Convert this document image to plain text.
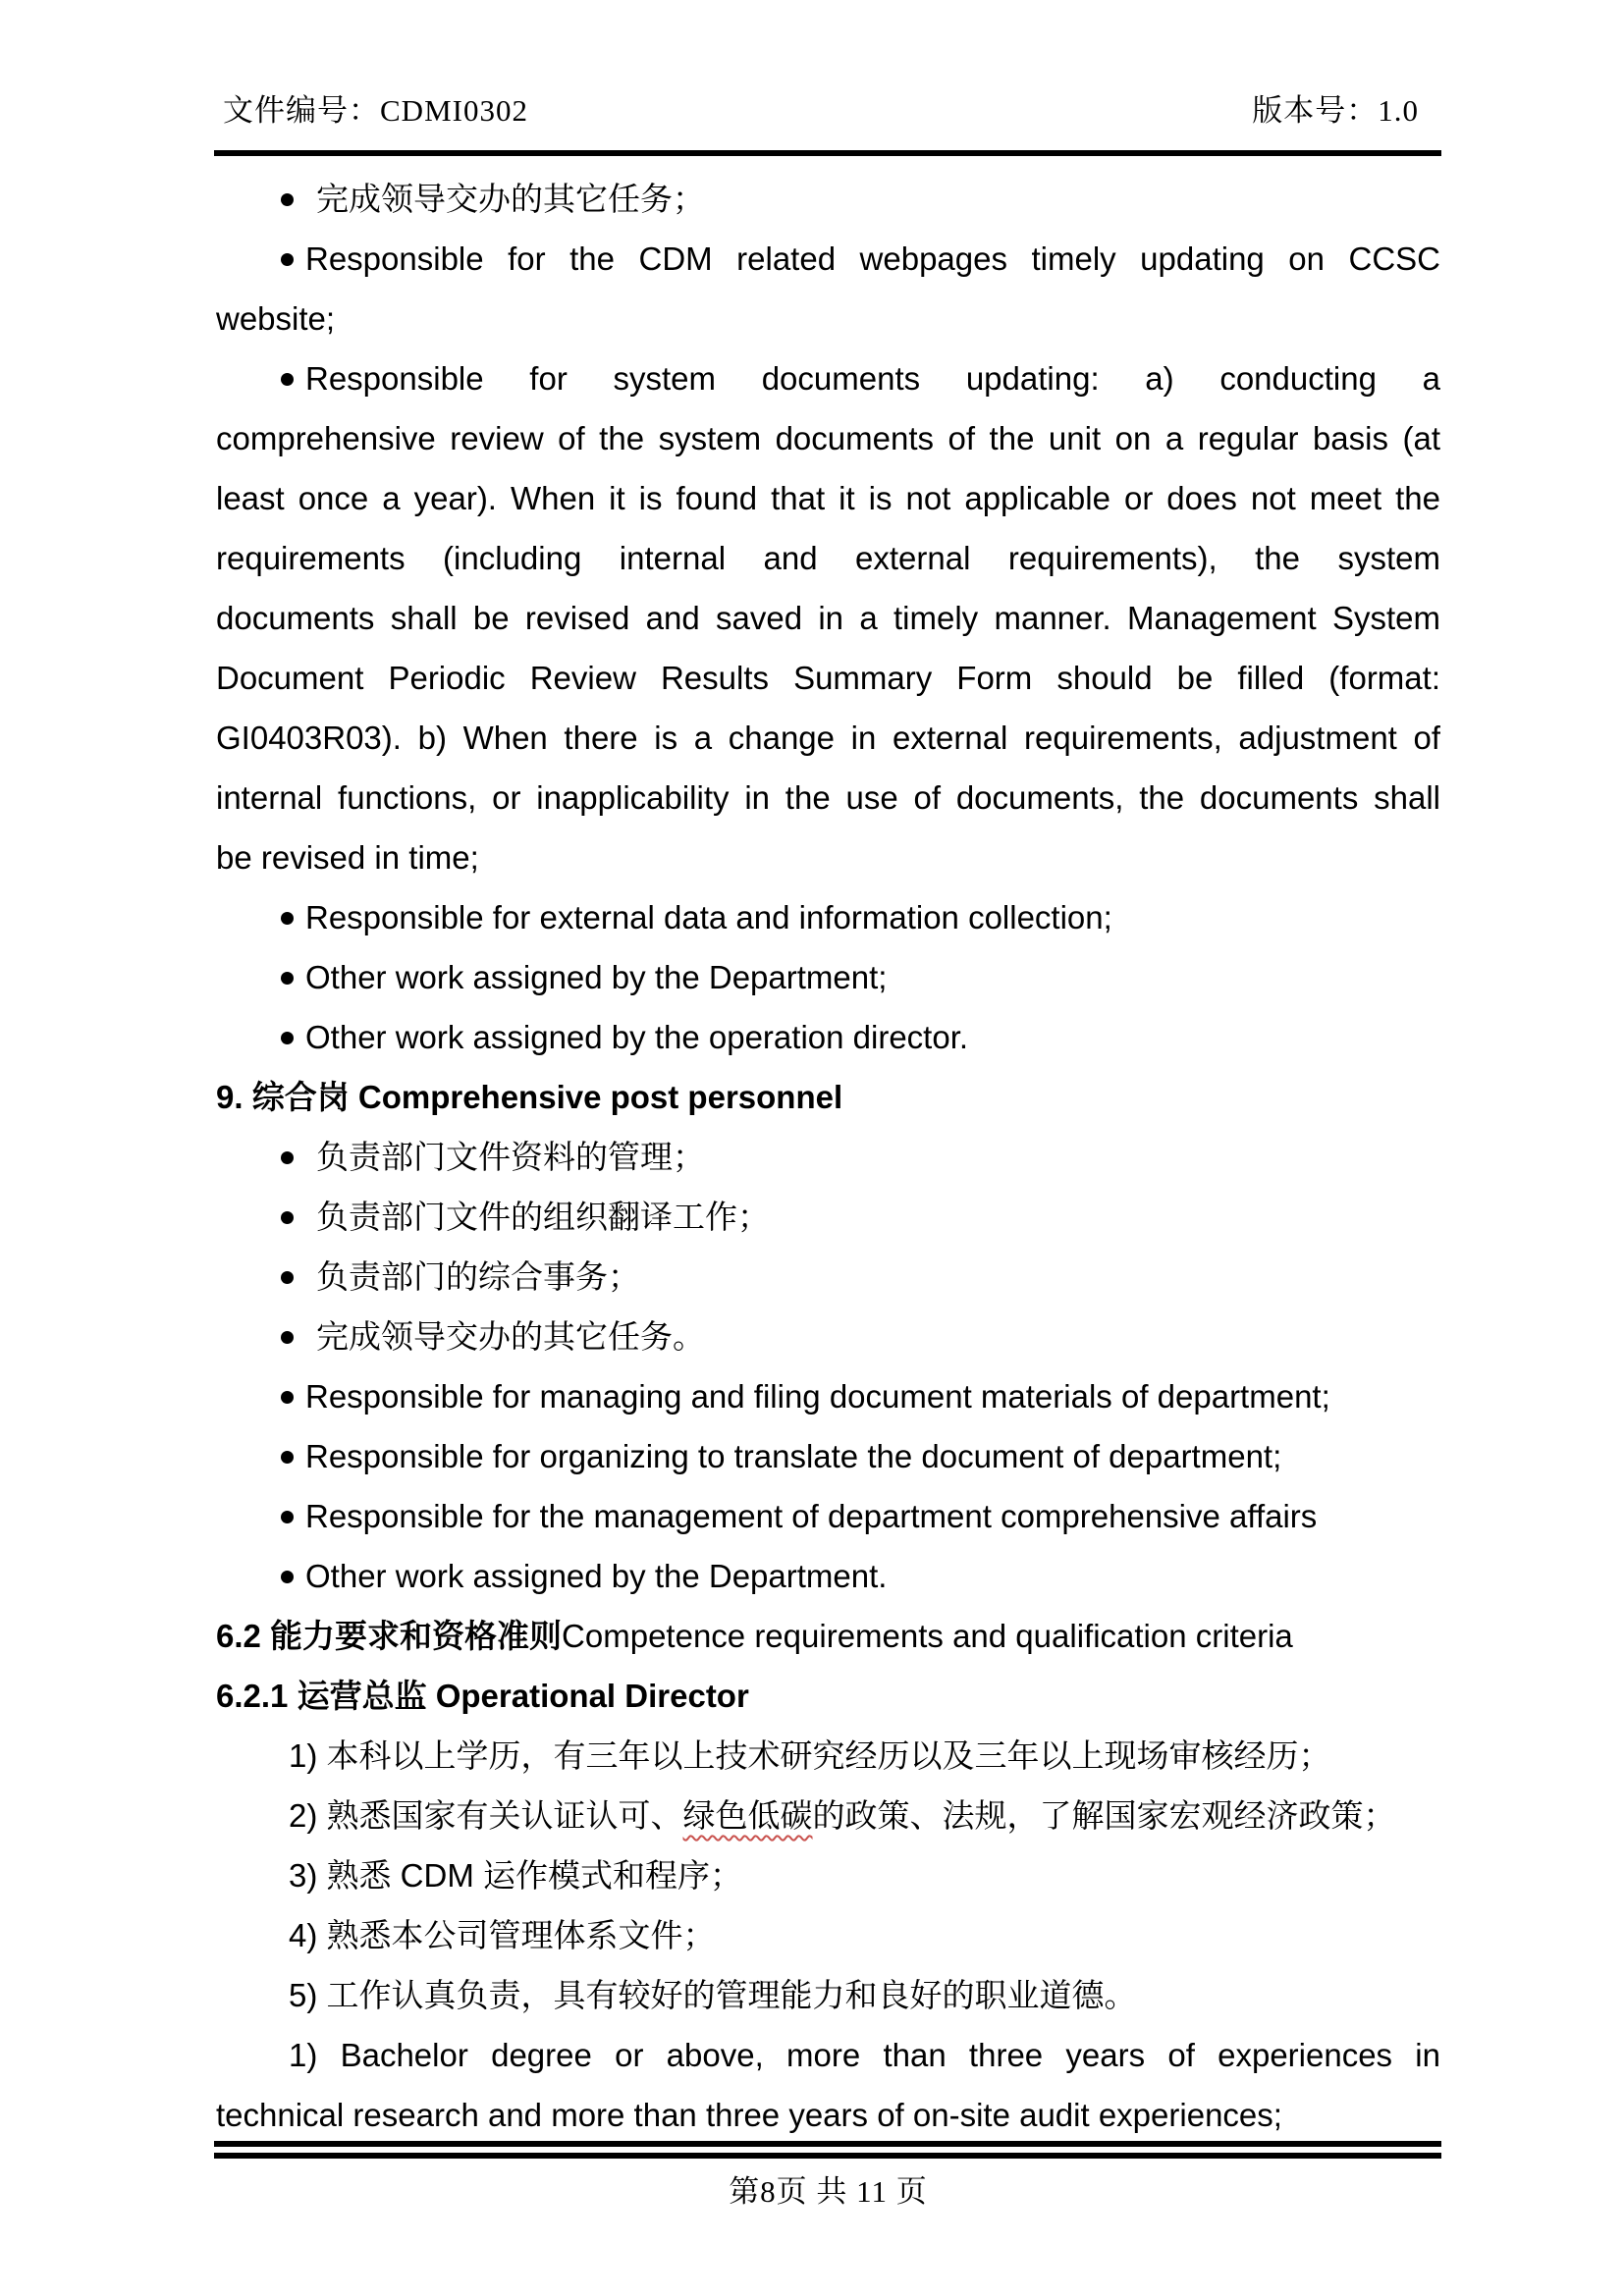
文件编号：CDMI0302	版本号：1.0
完成领导交办的其它任务；
Responsible for the CDM related webpages timely updating on CCSC
website;
Responsible for system documents updating: a) conducting a
comprehensive review of the system documents of the unit on a regular basis (at
least once a year). When it is found that it is not applicable or does not meet the
requirements (including internal and external requirements), the system
documents shall be revised and saved in a timely manner. Management System
Document Periodic Review Results Summary Form should be filled (format:
GI0403R03). b) When there is a change in external requirements, adjustment of
internal functions, or inapplicability in the use of documents, the documents shall
be revised in time;
Responsible for external data and information collection;
Other work assigned by the Department;
Other work assigned by the operation director.
9. 综合岗 Comprehensive post personnel
负责部门文件资料的管理；
负责部门文件的组织翻译工作；
负责部门的综合事务；
完成领导交办的其它任务。
Responsible for managing and filing document materials of department;
Responsible for organizing to translate the document of department;
Responsible for the management of department comprehensive affairs
Other work assigned by the Department.
6.2 能力要求和资格准则Competence requirements and qualification criteria
6.2.1 运营总监 Operational Director
1) 本科以上学历，有三年以上技术研究经历以及三年以上现场审核经历；
2) 熟悉国家有关认证认可、绿色低碳的政策、法规，了解国家宏观经济政策；
3) 熟悉 CDM 运作模式和程序；
4) 熟悉本公司管理体系文件；
5) 工作认真负责，具有较好的管理能力和良好的职业道德。
1) Bachelor degree or above, more than three years of experiences in
technical research and more than three years of on-site audit experiences;
第8页 共 11 页
